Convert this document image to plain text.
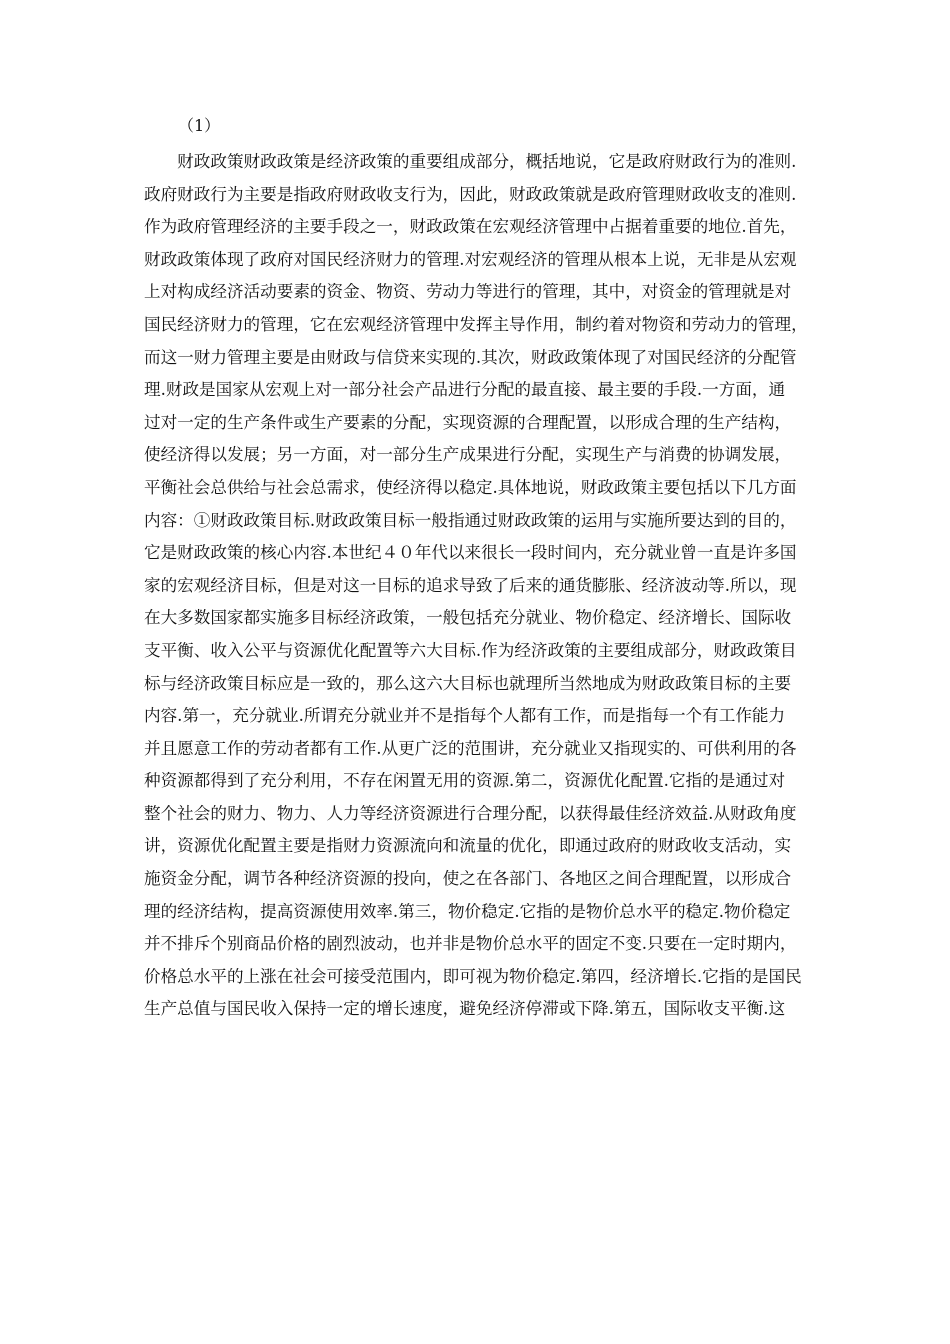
（1）
　　财政政策财政政策是经济政策的重要组成部分，概括地说，它是政府财政行为的准则.
政府财政行为主要是指政府财政收支行为，因此，财政政策就是政府管理财政收支的准则.
作为政府管理经济的主要手段之一，财政政策在宏观经济管理中占据着重要的地位.首先，
财政政策体现了政府对国民经济财力的管理.对宏观经济的管理从根本上说，无非是从宏观
上对构成经济活动要素的资金、物资、劳动力等进行的管理，其中，对资金的管理就是对
国民经济财力的管理，它在宏观经济管理中发挥主导作用，制约着对物资和劳动力的管理，
而这一财力管理主要是由财政与信贷来实现的.其次，财政政策体现了对国民经济的分配管
理.财政是国家从宏观上对一部分社会产品进行分配的最直接、最主要的手段.一方面，通
过对一定的生产条件或生产要素的分配，实现资源的合理配置，以形成合理的生产结构，
使经济得以发展；另一方面，对一部分生产成果进行分配，实现生产与消费的协调发展，
平衡社会总供给与社会总需求，使经济得以稳定.具体地说，财政政策主要包括以下几方面
内容：①财政政策目标.财政政策目标一般指通过财政政策的运用与实施所要达到的目的，
它是财政政策的核心内容.本世纪４０年代以来很长一段时间内，充分就业曾一直是许多国
家的宏观经济目标，但是对这一目标的追求导致了后来的通货膨胀、经济波动等.所以，现
在大多数国家都实施多目标经济政策，一般包括充分就业、物价稳定、经济增长、国际收
支平衡、收入公平与资源优化配置等六大目标.作为经济政策的主要组成部分，财政政策目
标与经济政策目标应是一致的，那么这六大目标也就理所当然地成为财政政策目标的主要
内容.第一，充分就业.所谓充分就业并不是指每个人都有工作，而是指每一个有工作能力
并且愿意工作的劳动者都有工作.从更广泛的范围讲，充分就业又指现实的、可供利用的各
种资源都得到了充分利用，不存在闲置无用的资源.第二，资源优化配置.它指的是通过对
整个社会的财力、物力、人力等经济资源进行合理分配，以获得最佳经济效益.从财政角度
讲，资源优化配置主要是指财力资源流向和流量的优化，即通过政府的财政收支活动，实
施资金分配，调节各种经济资源的投向，使之在各部门、各地区之间合理配置，以形成合
理的经济结构，提高资源使用效率.第三，物价稳定.它指的是物价总水平的稳定.物价稳定
并不排斥个别商品价格的剧烈波动，也并非是物价总水平的固定不变.只要在一定时期内，
价格总水平的上涨在社会可接受范围内，即可视为物价稳定.第四，经济增长.它指的是国民
生产总值与国民收入保持一定的增长速度，避免经济停滞或下降.第五，国际收支平衡.这
